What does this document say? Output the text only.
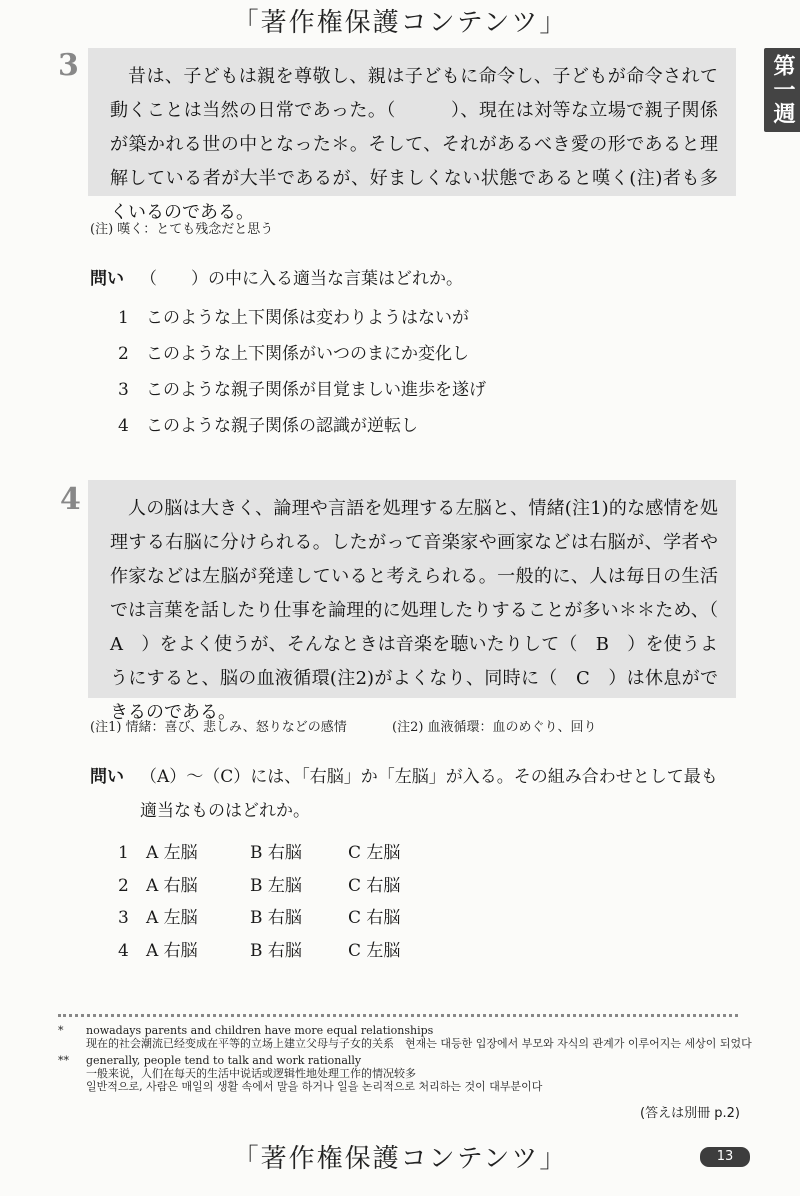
「著作権保護コンテンツ」
第一週
3	昔は、子どもは親を尊敬し、親は子どもに命令し、子どもが命令されて動くことは当然の日常であった。（　　　）、現在は対等な立場で親子関係が築かれる世の中となった＊。そして、それがあるべき愛の形であると理解している者が大半であるが、好ましくない状態であると嘆く(注)者も多くいるのである。
(注) 嘆く：とても残念だと思う
問い （　　）の中に入る適当な言葉はどれか。
1 このような上下関係は変わりようはないが
2 このような上下関係がいつのまにか変化し
3 このような親子関係が目覚ましい進歩を遂げ
4 このような親子関係の認識が逆転し
4	人の脳は大きく、論理や言語を処理する左脳と、情緒(注1)的な感情を処理する右脳に分けられる。したがって音楽家や画家などは右脳が、学者や作家などは左脳が発達していると考えられる。一般的に、人は毎日の生活では言葉を話したり仕事を論理的に処理したりすることが多い＊＊ため、（　A　）をよく使うが、そんなときは音楽を聴いたりして（　B　）を使うようにすると、脳の血液循環(注2)がよくなり、同時に（　C　）は休息ができるのである。
(注1) 情緒：喜び、悲しみ、怒りなどの感情	(注2) 血液循環：血のめぐり、回り
問い （A）～（C）には、「右脳」か「左脳」が入る。その組み合わせとして最も適当なものはどれか。
1 A 左脳	B 右脳	C 左脳
2 A 右脳	B 左脳	C 右脳
3 A 左脳	B 右脳	C 右脳
4 A 右脳	B 右脳	C 左脳
* nowadays parents and children have more equal relationships
现在的社会潮流已经变成在平等的立场上建立父母与子女的关系　현재는 대등한 입장에서 부모와 자식의 관계가 이루어지는 세상이 되었다
** generally, people tend to talk and work rationally
一般来说，人们在每天的生活中说话或逻辑性地处理工作的情况较多
일반적으로, 사람은 매일의 생활 속에서 말을 하거나 일을 논리적으로 처리하는 것이 대부분이다
(答えは別冊 p.2)
「著作権保護コンテンツ」	13
